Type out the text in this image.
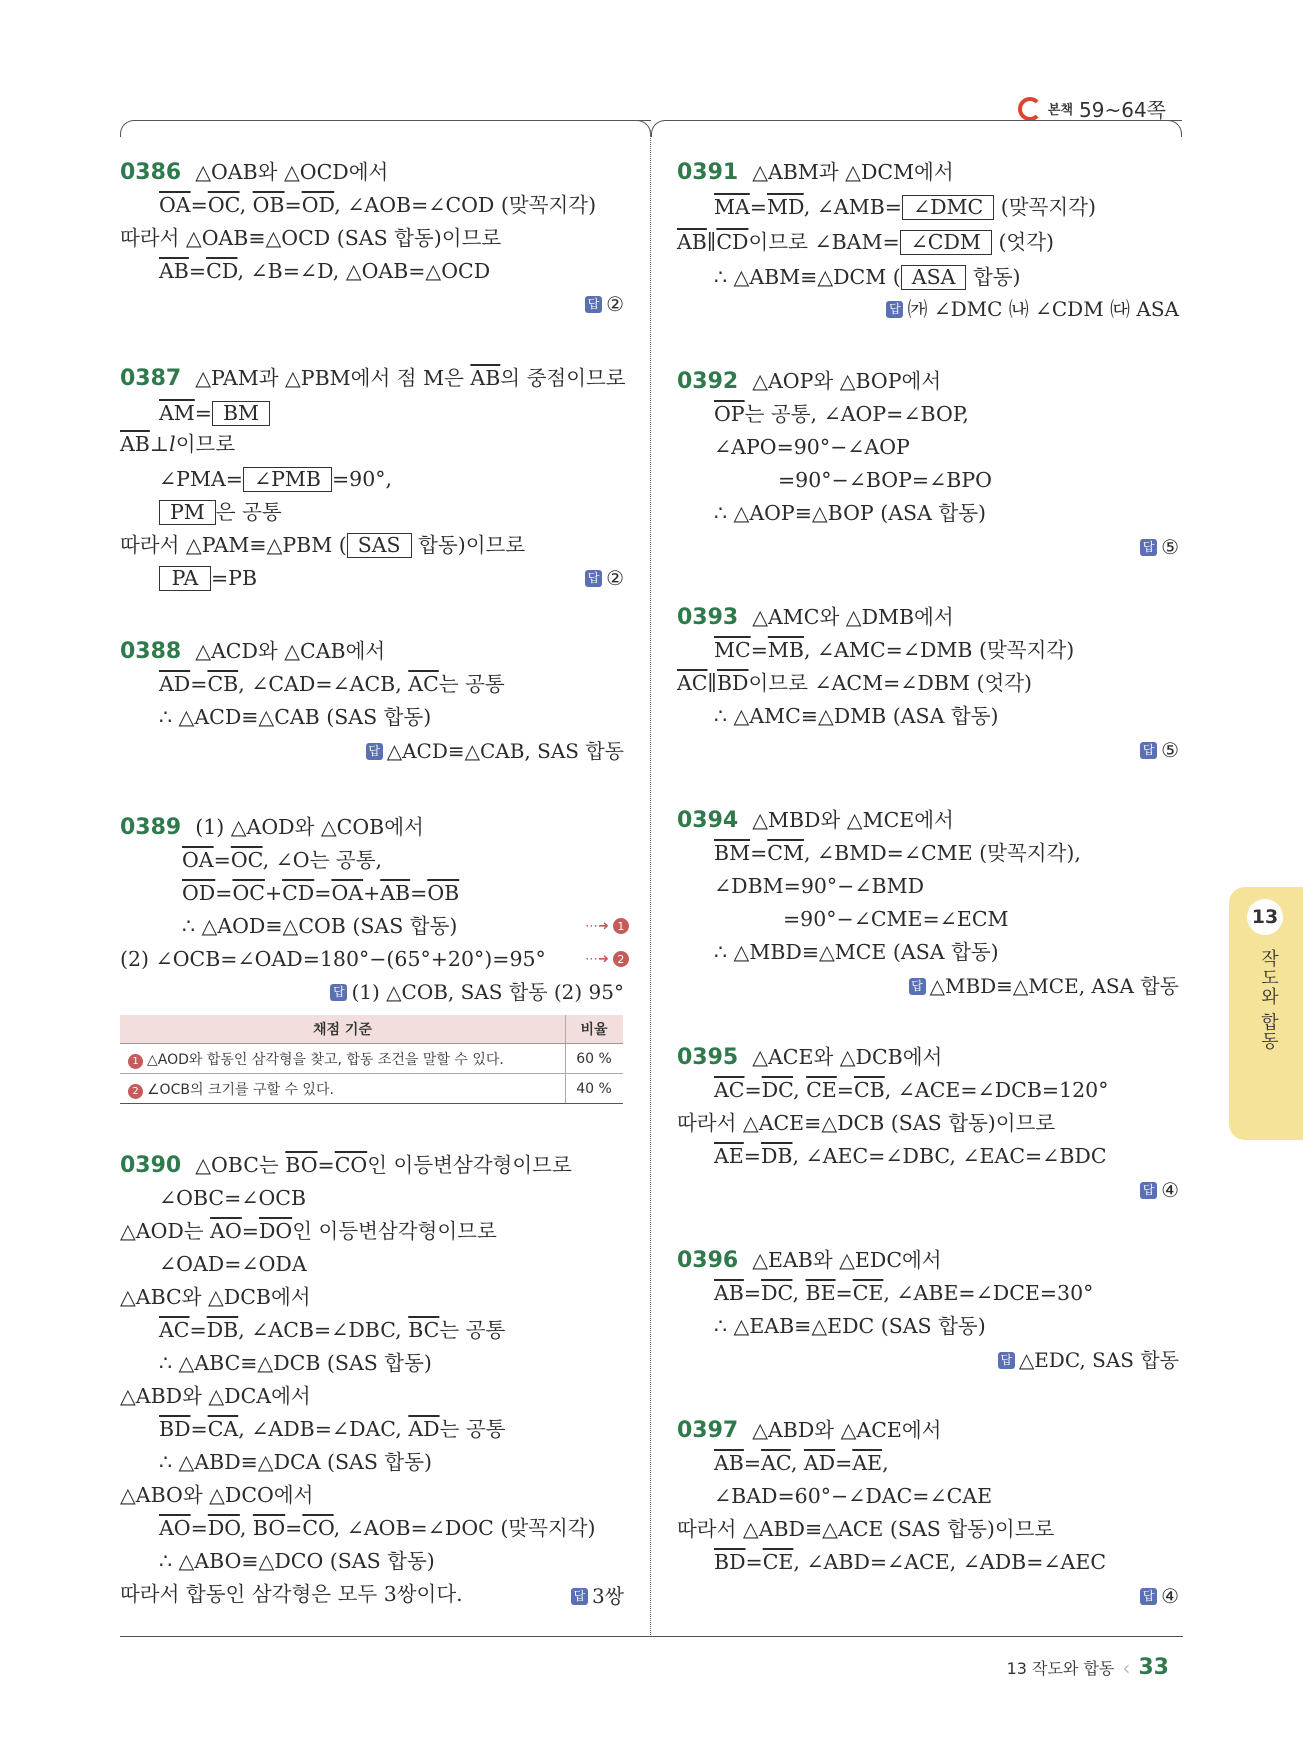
본책 59~64쪽
13
작도와 합동
0386 △OAB와 △OCD에서
$\overline{OA}=\overline{OC}$, $\overline{OB}=\overline{OD}$, ∠AOB=∠COD (맞꼭지각)
따라서 △OAB≡△OCD (SAS 합동)이므로
$\overline{AB}=\overline{CD}$, ∠B=∠D, △OAB=△OCD
답 ②
0387 △PAM과 △PBM에서 점 M은 $\overline{AB}$의 중점이므로
$\overline{AM}=$ BM
$\overline{AB}\perp l$이므로
∠PMA= ∠PMB =90°,
PM 은 공통
따라서 △PAM≡△PBM ( SAS 합동)이므로
PA =PB	답 ②
0388 △ACD와 △CAB에서
$\overline{AD}=\overline{CB}$, ∠CAD=∠ACB, $\overline{AC}$는 공통
∴ △ACD≡△CAB (SAS 합동)
답 △ACD≡△CAB, SAS 합동
0389 (1) △AOD와 △COB에서
$\overline{OA}=\overline{OC}$, ∠O는 공통,
$\overline{OD}=\overline{OC}+\overline{CD}=\overline{OA}+\overline{AB}=\overline{OB}$
∴ △AOD≡△COB (SAS 합동)	⋯➜ 1
(2) ∠OCB=∠OAD=180°−(65°+20°)=95°	⋯➜ 2
답 (1) △COB, SAS 합동 (2) 95°
채점 기준	비율
1 △AOD와 합동인 삼각형을 찾고, 합동 조건을 말할 수 있다.	60 %
2 ∠OCB의 크기를 구할 수 있다.	40 %
0390 △OBC는 $\overline{BO}=\overline{CO}$인 이등변삼각형이므로
∠OBC=∠OCB
△AOD는 $\overline{AO}=\overline{DO}$인 이등변삼각형이므로
∠OAD=∠ODA
△ABC와 △DCB에서
$\overline{AC}=\overline{DB}$, ∠ACB=∠DBC, $\overline{BC}$는 공통
∴ △ABC≡△DCB (SAS 합동)
△ABD와 △DCA에서
$\overline{BD}=\overline{CA}$, ∠ADB=∠DAC, $\overline{AD}$는 공통
∴ △ABD≡△DCA (SAS 합동)
△ABO와 △DCO에서
$\overline{AO}=\overline{DO}$, $\overline{BO}=\overline{CO}$, ∠AOB=∠DOC (맞꼭지각)
∴ △ABO≡△DCO (SAS 합동)
따라서 합동인 삼각형은 모두 3쌍이다.	답 3쌍
0391 △ABM과 △DCM에서
$\overline{MA}=\overline{MD}$, ∠AMB= ∠DMC (맞꼭지각)
$\overline{AB}\parallel\overline{CD}$이므로 ∠BAM= ∠CDM (엇각)
∴ △ABM≡△DCM ( ASA 합동)
답 ㈎ ∠DMC ㈏ ∠CDM ㈐ ASA
0392 △AOP와 △BOP에서
$\overline{OP}$는 공통, ∠AOP=∠BOP,
∠APO=90°−∠AOP
=90°−∠BOP=∠BPO
∴ △AOP≡△BOP (ASA 합동)
답 ⑤
0393 △AMC와 △DMB에서
$\overline{MC}=\overline{MB}$, ∠AMC=∠DMB (맞꼭지각)
$\overline{AC}\parallel\overline{BD}$이므로 ∠ACM=∠DBM (엇각)
∴ △AMC≡△DMB (ASA 합동)
답 ⑤
0394 △MBD와 △MCE에서
$\overline{BM}=\overline{CM}$, ∠BMD=∠CME (맞꼭지각),
∠DBM=90°−∠BMD
=90°−∠CME=∠ECM
∴ △MBD≡△MCE (ASA 합동)
답 △MBD≡△MCE, ASA 합동
0395 △ACE와 △DCB에서
$\overline{AC}=\overline{DC}$, $\overline{CE}=\overline{CB}$, ∠ACE=∠DCB=120°
따라서 △ACE≡△DCB (SAS 합동)이므로
$\overline{AE}=\overline{DB}$, ∠AEC=∠DBC, ∠EAC=∠BDC
답 ④
0396 △EAB와 △EDC에서
$\overline{AB}=\overline{DC}$, $\overline{BE}=\overline{CE}$, ∠ABE=∠DCE=30°
∴ △EAB≡△EDC (SAS 합동)
답 △EDC, SAS 합동
0397 △ABD와 △ACE에서
$\overline{AB}=\overline{AC}$, $\overline{AD}=\overline{AE}$,
∠BAD=60°−∠DAC=∠CAE
따라서 △ABD≡△ACE (SAS 합동)이므로
$\overline{BD}=\overline{CE}$, ∠ABD=∠ACE, ∠ADB=∠AEC
답 ④
13 작도와 합동 ‹ 33
